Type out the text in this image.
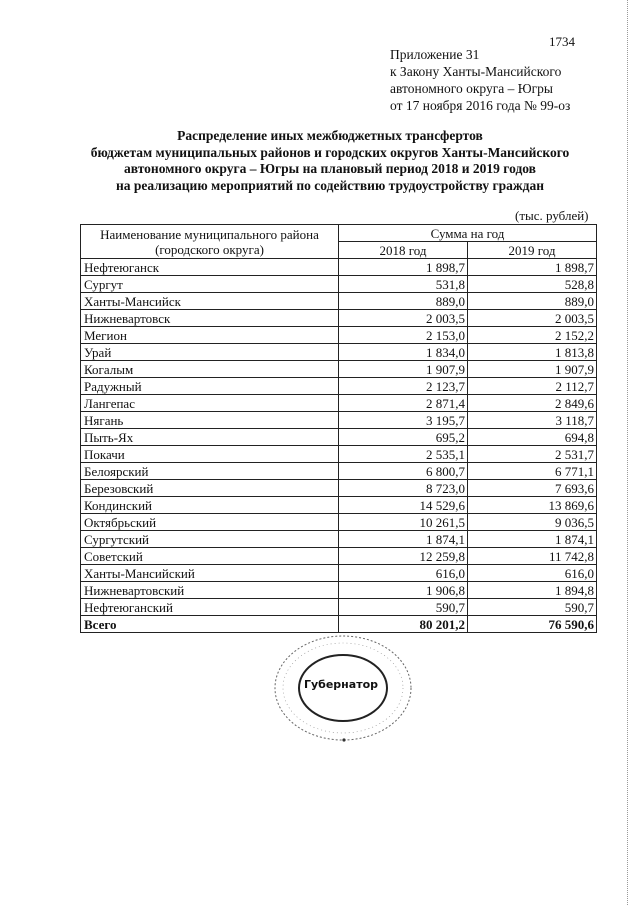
1734
Приложение 31
к Закону Ханты-Мансийского
автономного округа – Югры
от 17 ноября 2016 года № 99-оз
Распределение иных межбюджетных трансфертов
бюджетам муниципальных районов и городских округов Ханты-Мансийского
автономного округа – Югры на плановый период 2018 и 2019 годов
на реализацию мероприятий по содействию трудоустройству граждан
(тыс. рублей)
Наименование муниципального района
(городского округа)	Сумма на год	
	2018 год	2019 год
Нефтеюганск	1 898,7	1 898,7
Сургут	531,8	528,8
Ханты-Мансийск	889,0	889,0
Нижневартовск	2 003,5	2 003,5
Мегион	2 153,0	2 152,2
Урай	1 834,0	1 813,8
Когалым	1 907,9	1 907,9
Радужный	2 123,7	2 112,7
Лангепас	2 871,4	2 849,6
Нягань	3 195,7	3 118,7
Пыть-Ях	695,2	694,8
Покачи	2 535,1	2 531,7
Белоярский	6 800,7	6 771,1
Березовский	8 723,0	7 693,6
Кондинский	14 529,6	13 869,6
Октябрьский	10 261,5	9 036,5
Сургутский	1 874,1	1 874,1
Советский	12 259,8	11 742,8
Ханты-Мансийский	616,0	616,0
Нижневартовский	1 906,8	1 894,8
Нефтеюганский	590,7	590,7
Всего	80 201,2	76 590,6
Губернатор
